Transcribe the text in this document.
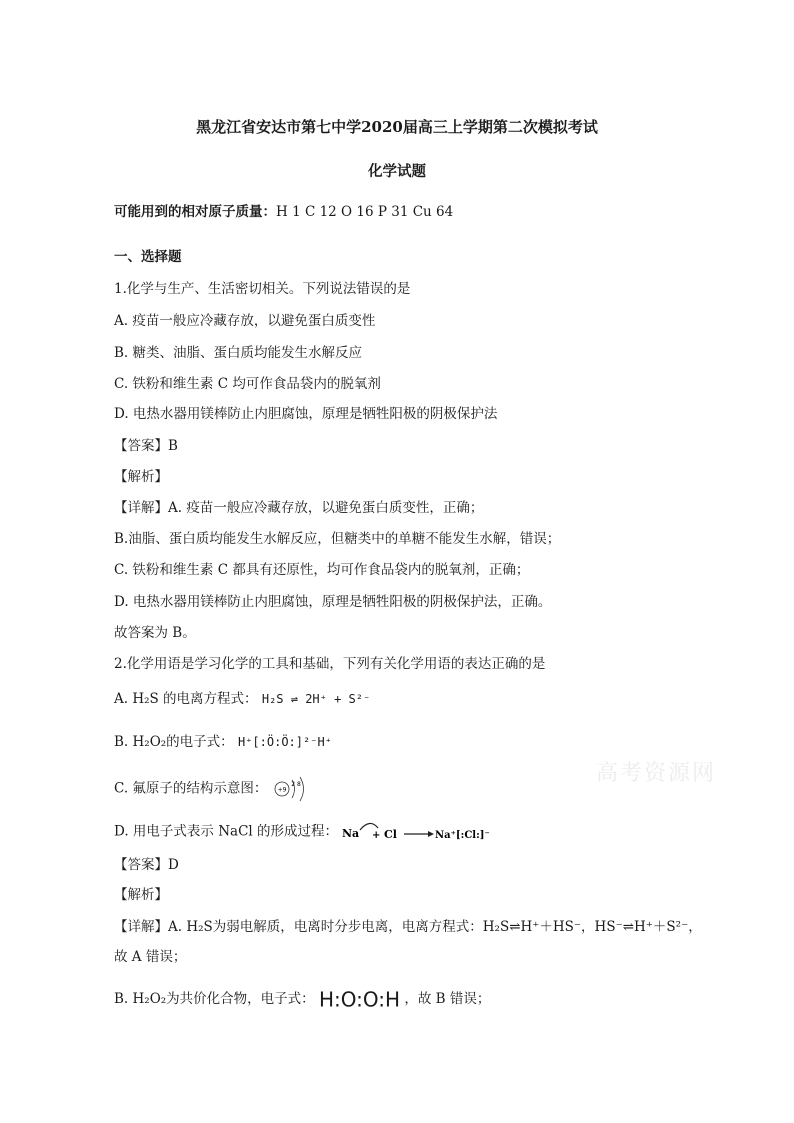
黑龙江省安达市第七中学2020届高三上学期第二次模拟考试
化学试题
可能用到的相对原子质量：H 1 C 12 O 16 P 31 Cu 64
一、选择题
1.化学与生产、生活密切相关。下列说法错误的是
A. 疫苗一般应冷藏存放，以避免蛋白质变性
B. 糖类、油脂、蛋白质均能发生水解反应
C. 铁粉和维生素 C 均可作食品袋内的脱氧剂
D. 电热水器用镁棒防止内胆腐蚀，原理是牺牲阳极的阴极保护法
【答案】B
【解析】
【详解】A. 疫苗一般应冷藏存放，以避免蛋白质变性，正确；
B.油脂、蛋白质均能发生水解反应，但糖类中的单糖不能发生水解，错误；
C. 铁粉和维生素 C 都具有还原性，均可作食品袋内的脱氧剂，正确；
D. 电热水器用镁棒防止内胆腐蚀，原理是牺牲阳极的阴极保护法，正确。
故答案为 B。
2.化学用语是学习化学的工具和基础，下列有关化学用语的表达正确的是
A. H₂S 的电离方程式： H₂S ⇌ 2H⁺ + S²⁻
B. H₂O₂的电子式： H⁺[:Ö:Ö:]²⁻H⁺
C. 氟原子的结构示意图： +9
2 8
D. 用电子式表示 NaCl 的形成过程： Na + Cl	Na⁺[:Cl:]⁻
【答案】D
【解析】
【详解】A. H₂S为弱电解质，电离时分步电离，电离方程式：H₂S⇌H⁺＋HS⁻，HS⁻⇌H⁺＋S²⁻，
故 A 错误；
B. H₂O₂为共价化合物，电子式： H:O:O:H ，故 B 错误；
高考资源网
